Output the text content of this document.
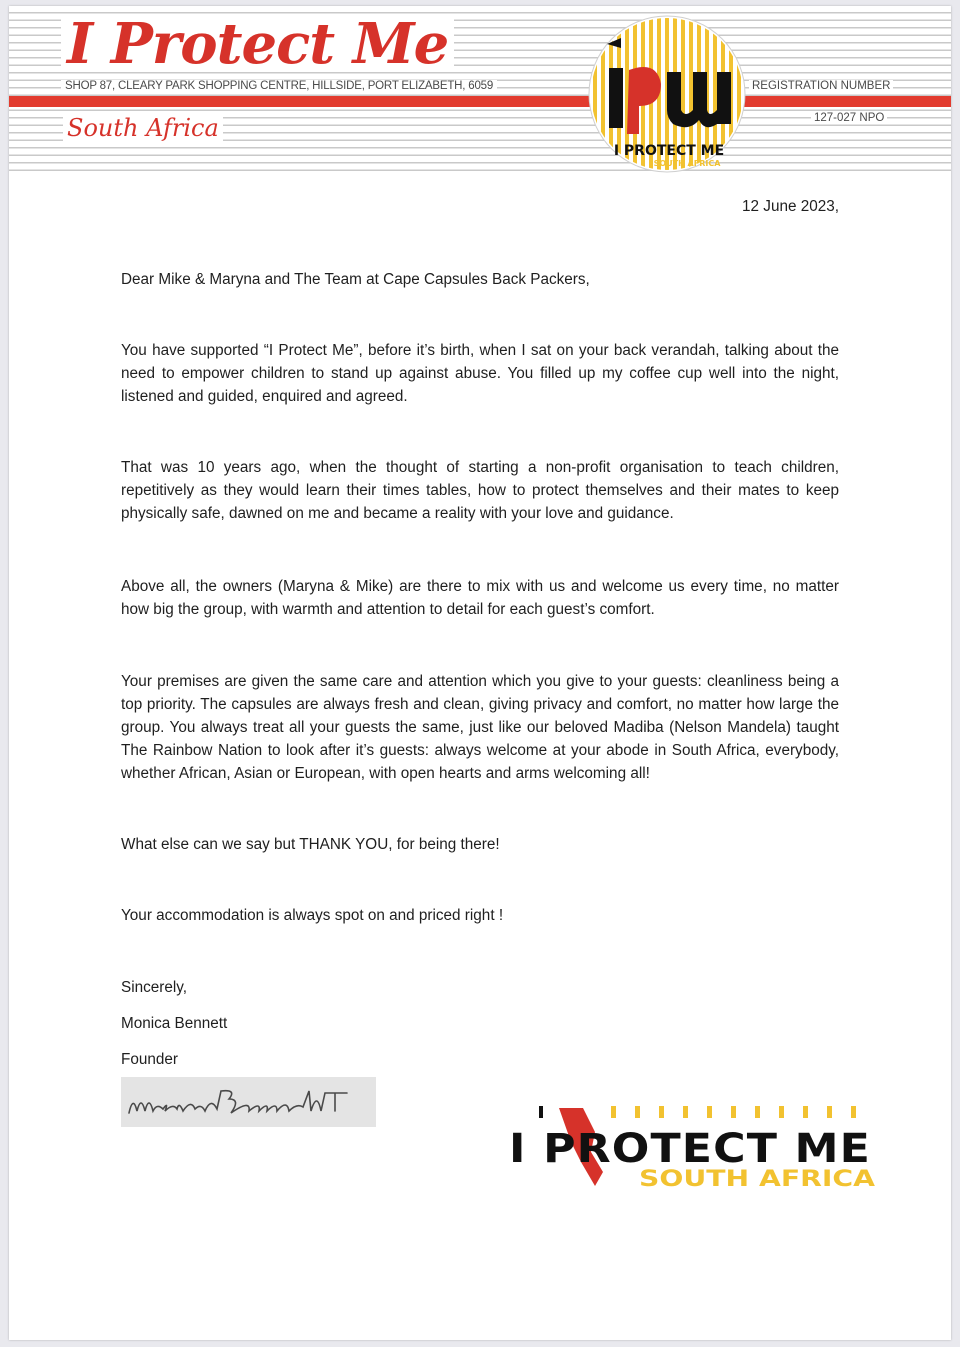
I Protect Me
SHOP 87, CLEARY PARK SHOPPING CENTRE, HILLSIDE, PORT ELIZABETH, 6059
South Africa
REGISTRATION NUMBER
127-027 NPO
I PROTECT ME
SOUTH AFRICA
12 June 2023,

Dear Mike & Maryna and The Team at Cape Capsules Back Packers,

You have supported “I Protect Me”, before it’s birth, when I sat on your back verandah, talking about the need to empower children to stand up against abuse. You filled up my coffee cup well into the night, listened and guided, enquired and agreed.

That was 10 years ago, when the thought of starting a non-profit organisation to teach children, repetitively as they would learn their times tables, how to protect themselves and their mates to keep physically safe, dawned on me and became a reality with your love and guidance.

Above all, the owners (Maryna & Mike) are there to mix with us and welcome us every time, no matter how big the group, with warmth and attention to detail for each guest’s comfort.

Your premises are given the same care and attention which you give to your guests: cleanliness being a top priority. The capsules are always fresh and clean, giving privacy and comfort, no matter how large the group. You always treat all your guests the same, just like our beloved Madiba (Nelson Mandela) taught The Rainbow Nation to look after it’s guests: always welcome at your abode in South Africa, everybody, whether African, Asian or European, with open hearts and arms welcoming all!

What else can we say but THANK YOU, for being there!

Your accommodation is always spot on and priced right !

Sincerely,

Monica Bennett

Founder

I PROTECT ME
SOUTH AFRICA
